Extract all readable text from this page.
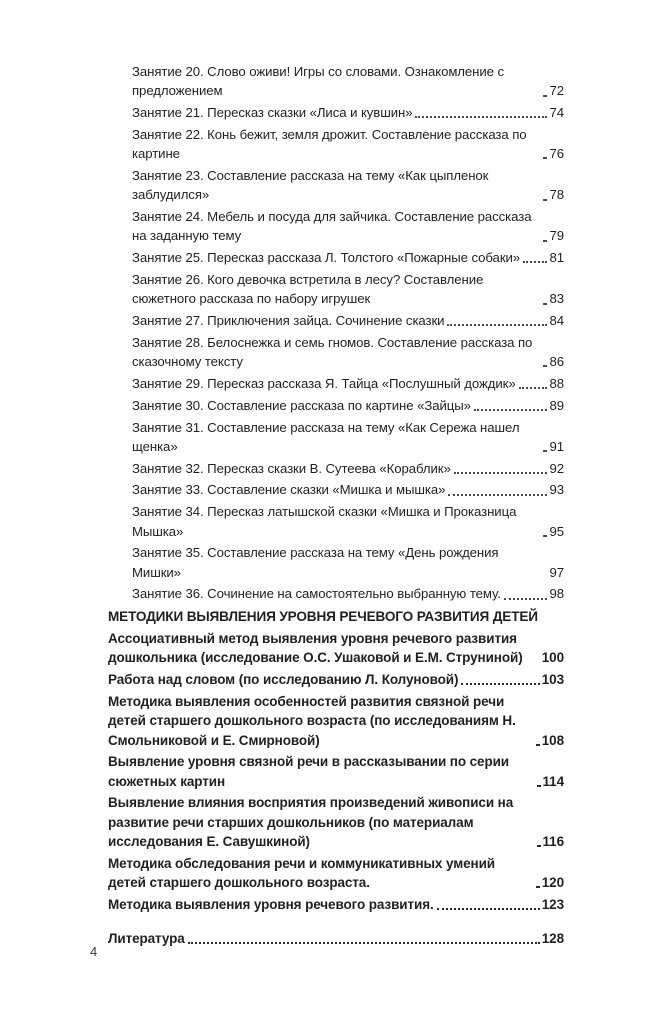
Занятие 20. Слово оживи! Игры со словами. Ознакомление с предложением	72
Занятие 21. Пересказ сказки «Лиса и кувшин»	74
Занятие 22. Конь бежит, земля дрожит. Составление рассказа по картине	76
Занятие 23. Составление рассказа на тему «Как цыпленок заблудился»	78
Занятие 24. Мебель и посуда для зайчика. Составление рассказа на заданную тему	79
Занятие 25. Пересказ рассказа Л. Толстого «Пожарные собаки» 81
Занятие 26. Кого девочка встретила в лесу? Составление сюжетного рассказа по набору игрушек	83
Занятие 27. Приключения зайца. Сочинение сказки	84
Занятие 28. Белоснежка и семь гномов. Составление рассказа по сказочному тексту	86
Занятие 29. Пересказ рассказа Я. Тайца «Послушный дождик»	88
Занятие 30. Составление рассказа по картине «Зайцы»	89
Занятие 31. Составление рассказа на тему «Как Сережа нашел щенка»	91
Занятие 32. Пересказ сказки В. Сутеева «Кораблик»	92
Занятие 33. Составление сказки «Мишка и мышка»	93
Занятие 34. Пересказ латышской сказки «Мишка и Проказница Мышка»	95
Занятие 35. Составление рассказа на тему «День рождения Мишки»	97
Занятие 36. Сочинение на самостоятельно выбранную тему.	98
МЕТОДИКИ ВЫЯВЛЕНИЯ УРОВНЯ РЕЧЕВОГО РАЗВИТИЯ ДЕТЕЙ
Ассоциативный метод выявления уровня речевого развития дошкольника (исследование О.С. Ушаковой и Е.М. Струниной)	100
Работа над словом (по исследованию Л. Колуновой)	103
Методика выявления особенностей развития связной речи детей старшего дошкольного возраста (по исследованиям Н. Смольниковой и Е. Смирновой)	108
Выявление уровня связной речи в рассказывании по серии сюжетных картин	114
Выявление влияния восприятия произведений живописи на развитие речи старших дошкольников (по материалам исследования Е. Савушкиной)	116
Методика обследования речи и коммуникативных умений детей старшего дошкольного возраста.	120
Методика выявления уровня речевого развития.	123
Литература	128
4
